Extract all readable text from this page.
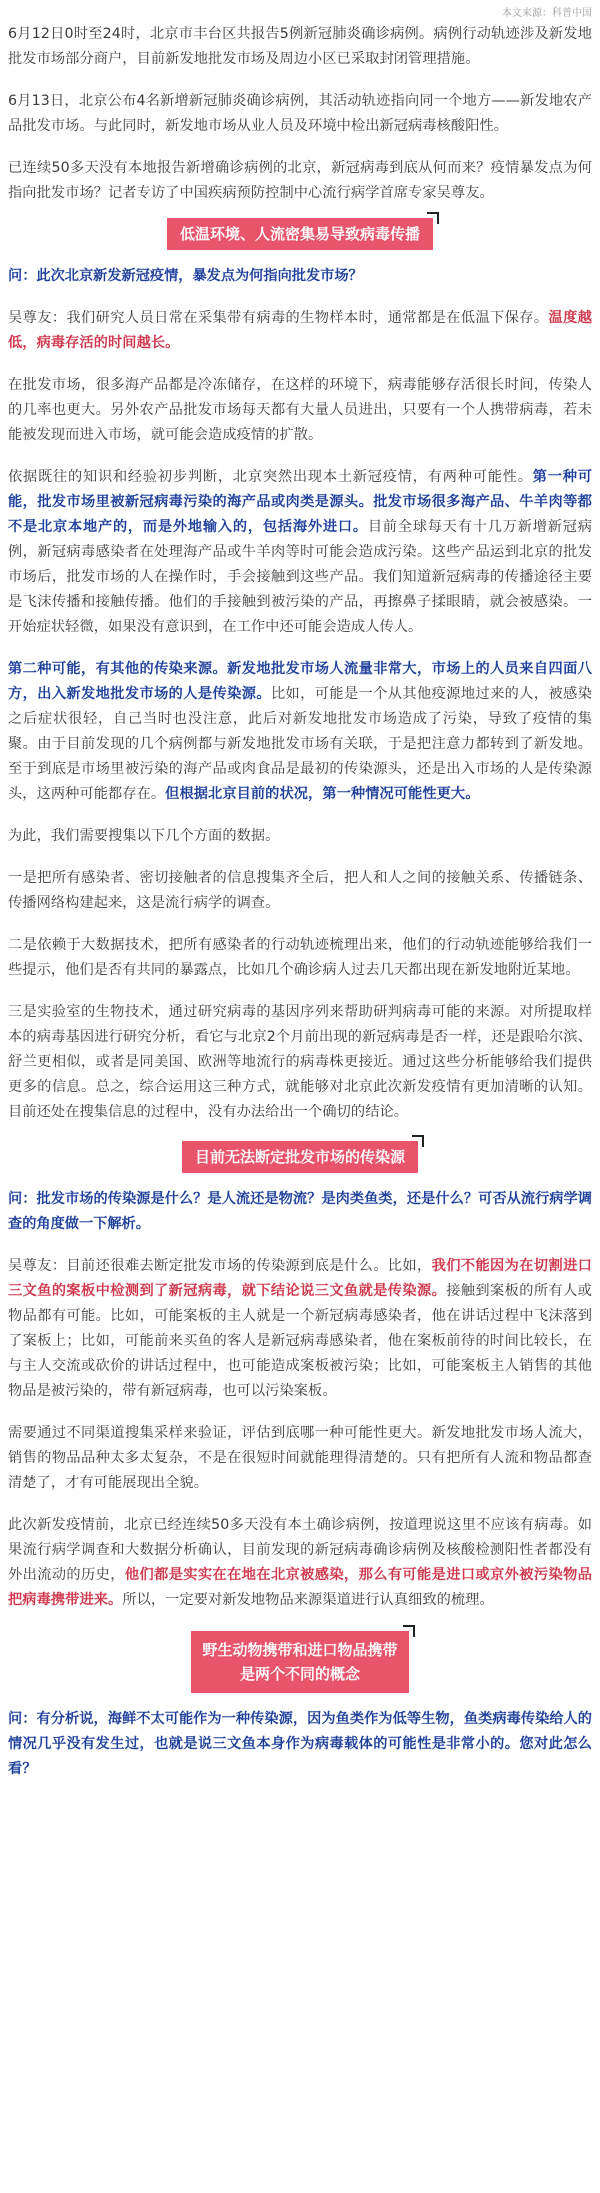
本文来源：科普中国

6月12日0时至24时，北京市丰台区共报告5例新冠肺炎确诊病例。病例行动轨迹涉及新发地批发市场部分商户，目前新发地批发市场及周边小区已采取封闭管理措施。

6月13日，北京公布4名新增新冠肺炎确诊病例，其活动轨迹指向同一个地方——新发地农产品批发市场。与此同时，新发地市场从业人员及环境中检出新冠病毒核酸阳性。

已连续50多天没有本地报告新增确诊病例的北京，新冠病毒到底从何而来？疫情暴发点为何指向批发市场？记者专访了中国疾病预防控制中心流行病学首席专家吴尊友。

低温环境、人流密集易导致病毒传播

问：此次北京新发新冠疫情，暴发点为何指向批发市场？

吴尊友：我们研究人员日常在采集带有病毒的生物样本时，通常都是在低温下保存。温度越低，病毒存活的时间越长。

在批发市场，很多海产品都是冷冻储存，在这样的环境下，病毒能够存活很长时间，传染人的几率也更大。另外农产品批发市场每天都有大量人员进出，只要有一个人携带病毒，若未能被发现而进入市场，就可能会造成疫情的扩散。

依据既往的知识和经验初步判断，北京突然出现本土新冠疫情，有两种可能性。第一种可能，批发市场里被新冠病毒污染的海产品或肉类是源头。批发市场很多海产品、牛羊肉等都不是北京本地产的，而是外地输入的，包括海外进口。目前全球每天有十几万新增新冠病例，新冠病毒感染者在处理海产品或牛羊肉等时可能会造成污染。这些产品运到北京的批发市场后，批发市场的人在操作时，手会接触到这些产品。我们知道新冠病毒的传播途径主要是飞沫传播和接触传播。他们的手接触到被污染的产品，再擦鼻子揉眼睛，就会被感染。一开始症状轻微，如果没有意识到，在工作中还可能会造成人传人。

第二种可能，有其他的传染来源。新发地批发市场人流量非常大，市场上的人员来自四面八方，出入新发地批发市场的人是传染源。比如，可能是一个从其他疫源地过来的人，被感染之后症状很轻，自己当时也没注意，此后对新发地批发市场造成了污染，导致了疫情的集聚。由于目前发现的几个病例都与新发地批发市场有关联，于是把注意力都转到了新发地。至于到底是市场里被污染的海产品或肉食品是最初的传染源头，还是出入市场的人是传染源头，这两种可能都存在。但根据北京目前的状况，第一种情况可能性更大。

为此，我们需要搜集以下几个方面的数据。

一是把所有感染者、密切接触者的信息搜集齐全后，把人和人之间的接触关系、传播链条、传播网络构建起来，这是流行病学的调查。

二是依赖于大数据技术，把所有感染者的行动轨迹梳理出来，他们的行动轨迹能够给我们一些提示，他们是否有共同的暴露点，比如几个确诊病人过去几天都出现在新发地附近某地。

三是实验室的生物技术，通过研究病毒的基因序列来帮助研判病毒可能的来源。对所提取样本的病毒基因进行研究分析，看它与北京2个月前出现的新冠病毒是否一样，还是跟哈尔滨、舒兰更相似，或者是同美国、欧洲等地流行的病毒株更接近。通过这些分析能够给我们提供更多的信息。总之，综合运用这三种方式，就能够对北京此次新发疫情有更加清晰的认知。目前还处在搜集信息的过程中，没有办法给出一个确切的结论。

目前无法断定批发市场的传染源

问：批发市场的传染源是什么？是人流还是物流？是肉类鱼类，还是什么？可否从流行病学调查的角度做一下解析。

吴尊友：目前还很难去断定批发市场的传染源到底是什么。比如，我们不能因为在切割进口三文鱼的案板中检测到了新冠病毒，就下结论说三文鱼就是传染源。接触到案板的所有人或物品都有可能。比如，可能案板的主人就是一个新冠病毒感染者，他在讲话过程中飞沫落到了案板上；比如，可能前来买鱼的客人是新冠病毒感染者，他在案板前待的时间比较长，在与主人交流或砍价的讲话过程中，也可能造成案板被污染；比如，可能案板主人销售的其他物品是被污染的，带有新冠病毒，也可以污染案板。

需要通过不同渠道搜集采样来验证，评估到底哪一种可能性更大。新发地批发市场人流大，销售的物品品种太多太复杂，不是在很短时间就能理得清楚的。只有把所有人流和物品都查清楚了，才有可能展现出全貌。

此次新发疫情前，北京已经连续50多天没有本土确诊病例，按道理说这里不应该有病毒。如果流行病学调查和大数据分析确认，目前发现的新冠病毒确诊病例及核酸检测阳性者都没有外出流动的历史，他们都是实实在在地在北京被感染，那么有可能是进口或京外被污染物品把病毒携带进来。所以，一定要对新发地物品来源渠道进行认真细致的梳理。

野生动物携带和进口物品携带
是两个不同的概念

问：有分析说，海鲜不太可能作为一种传染源，因为鱼类作为低等生物，鱼类病毒传染给人的情况几乎没有发生过，也就是说三文鱼本身作为病毒载体的可能性是非常小的。您对此怎么看？
